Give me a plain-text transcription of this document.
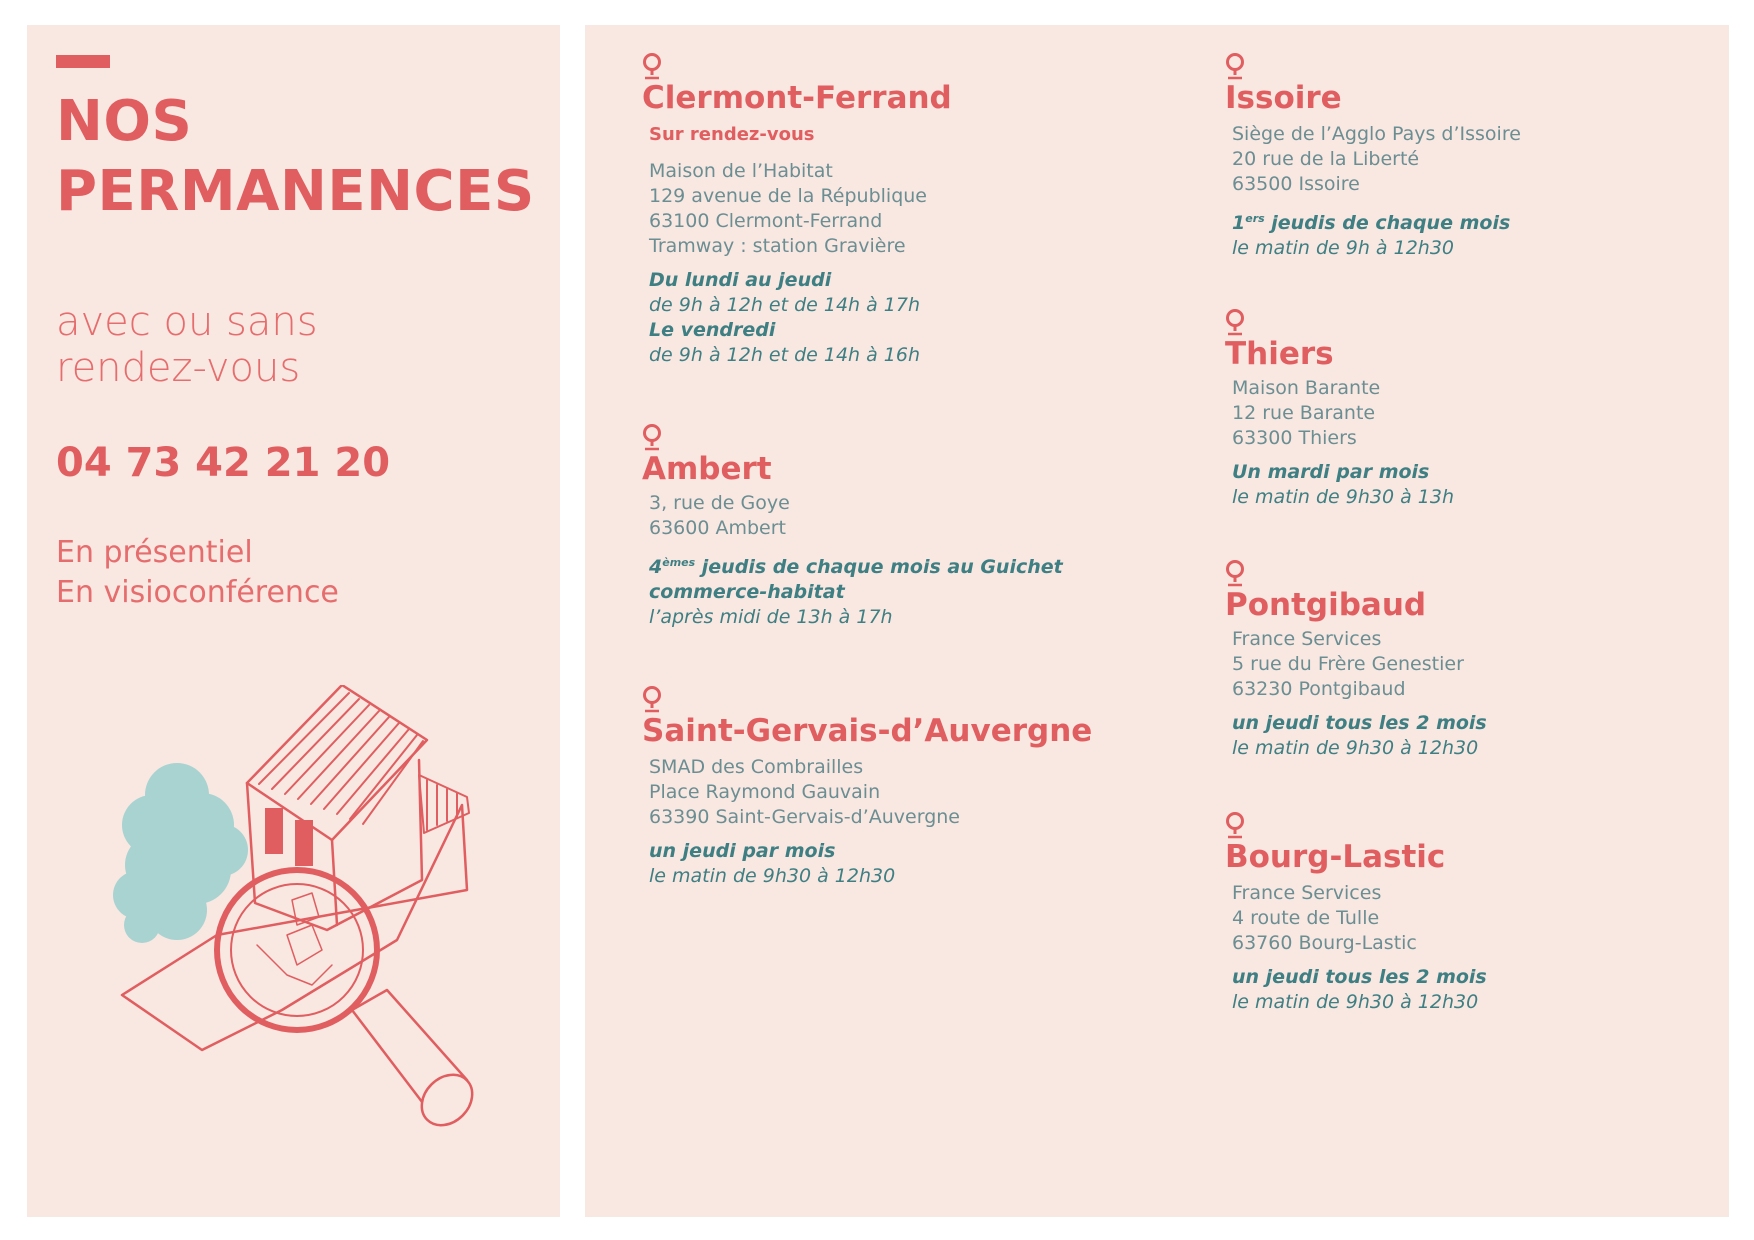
NOS
PERMANENCES
avec ou sans
rendez-vous
04 73 42 21 20
En présentiel
En visioconférence
Clermont-Ferrand
Sur rendez-vous
Maison de l’Habitat
129 avenue de la République
63100 Clermont-Ferrand
Tramway : station Gravière
Du lundi au jeudi
de 9h à 12h et de 14h à 17h
Le vendredi
de 9h à 12h et de 14h à 16h
Ambert
3, rue de Goye
63600 Ambert
4èmes jeudis de chaque mois au Guichet
commerce-habitat
l’après midi de 13h à 17h
Saint-Gervais-d’Auvergne
SMAD des Combrailles
Place Raymond Gauvain
63390 Saint-Gervais-d’Auvergne
un jeudi par mois
le matin de 9h30 à 12h30
Issoire
Siège de l’Agglo Pays d’Issoire
20 rue de la Liberté
63500 Issoire
1ers jeudis de chaque mois
le matin de 9h à 12h30
Thiers
Maison Barante
12 rue Barante
63300 Thiers
Un mardi par mois
le matin de 9h30 à 13h
Pontgibaud
France Services
5 rue du Frère Genestier
63230 Pontgibaud
un jeudi tous les 2 mois
le matin de 9h30 à 12h30
Bourg-Lastic
France Services
4 route de Tulle
63760 Bourg-Lastic
un jeudi tous les 2 mois
le matin de 9h30 à 12h30
